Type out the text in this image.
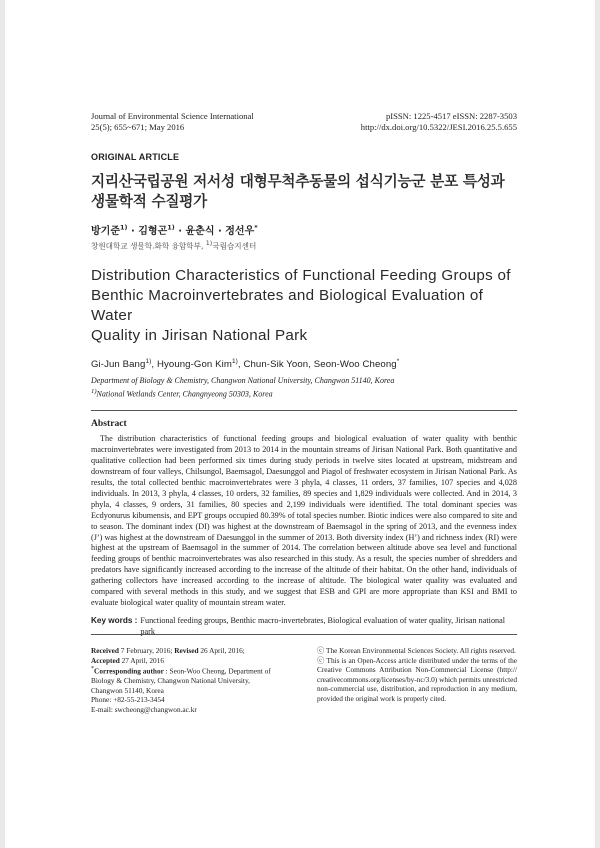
Journal of Environmental Science International
25(5); 655~671; May 2016
pISSN: 1225-4517 eISSN: 2287-3503
http://dx.doi.org/10.5322/JESI.2016.25.5.655
ORIGINAL ARTICLE
지리산국립공원 저서성 대형무척추동물의 섭식기능군 분포 특성과
생물학적 수질평가
방기준$^{1)}$ · 김형곤$^{1)}$ · 윤춘식 · 정선우*
창원대학교 생물학.화학 융합학부, $^{1)}$국립습지센터
Distribution Characteristics of Functional Feeding Groups of
Benthic Macroinvertebrates and Biological Evaluation of Water
Quality in Jirisan National Park
Gi-Jun Bang$^{1)}$, Hyoung-Gon Kim$^{1)}$, Chun-Sik Yoon, Seon-Woo Cheong*
Department of Biology & Chemistry, Changwon National University, Changwon 51140, Korea
$^{1)}$National Wetlands Center, Changnyeong 50303, Korea
Abstract
The distribution characteristics of functional feeding groups and biological evaluation of water quality with benthic macroinvertebrates were investigated from 2013 to 2014 in the mountain streams of Jirisan National Park. Both quantitative and qualitative collection had been performed six times during study periods in twelve sites located at upstream, midstream and downstream of four valleys, Chilsungol, Baemsagol, Daesunggol and Piagol of freshwater ecosystem in Jirisan National Park. As results, the total collected benthic macroinvertebrates were 3 phyla, 4 classes, 11 orders, 37 families, 107 species and 4,028 individuals. In 2013, 3 phyla, 4 classes, 10 orders, 32 families, 89 species and 1,829 individuals were collected. And in 2014, 3 phyla, 4 classes, 9 orders, 31 families, 80 species and 2,199 individuals were identified. The total dominant species was Ecdyonurus kibumensis, and EPT groups occupied 80.39% of total species number. Biotic indices were also compared to site and to season. The dominant index (DI) was highest at the downstream of Baemsagol in the spring of 2013, and the evenness index (J’) was highest at the downstream of Daesunggol in the summer of 2013. Both diversity index (H’) and richness index (RI) were highest at the upstream of Baemsagol in the summer of 2014. The correlation between altitude above sea level and functional feeding groups of benthic macroinvertebrates was also researched in this study. As a result, the species number of shredders and predators have significantly increased according to the increase of the altitude of their habitat. On the other hand, individuals of gathering collectors have increased according to the increase of altitude. The biological water quality was evaluated and compared with several methods in this study, and we suggest that ESB and GPI are more appropriate than KSI and BMI to evaluate biological water quality of mountain stream water.
Key words : Functional feeding groups, Benthic macro-invertebrates, Biological evaluation of water quality, Jirisan national park
Received 7 February, 2016; Revised 26 April, 2016;
Accepted 27 April, 2016
*Corresponding author : Seon-Woo Cheong, Department of Biology & Chemistry, Changwon National University, Changwon 51140, Korea
Phone: +82-55-213-3454
E-mail: swcheong@changwon.ac.kr
ⓒ The Korean Environmental Sciences Society. All rights reserved.
ⓒ This is an Open-Access article distributed under the terms of the Creative Commons Attribution Non-Commercial License (http:// creativecommons.org/licenses/by-nc/3.0) which permits unrestricted non-commercial use, distribution, and reproduction in any medium, provided the original work is properly cited.
